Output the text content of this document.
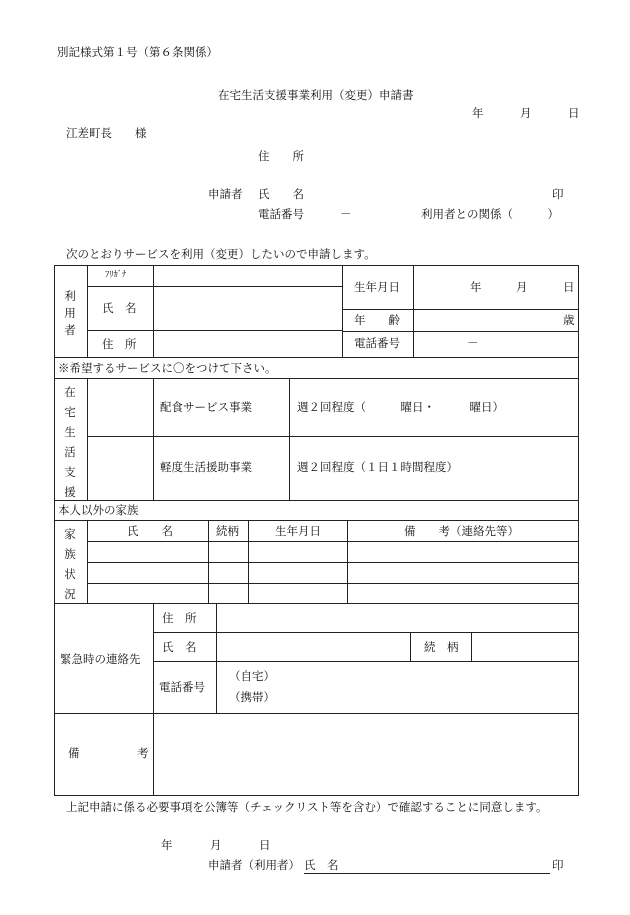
別記様式第１号（第６条関係）
在宅生活支援事業利用（変更）申請書
年	月	日
江差町長　　様
住　　所
申請者 氏　　名	印
電話番号	－	利用者との関係（　　　）
次のとおりサービスを利用（変更）したいので申請します。
利
用
者
ﾌﾘｶﾞﾅ
氏　名
住　所
生年月日	年	月	日
年　　齢	歳
電話番号	－
※希望するサービスに〇をつけて下さい。
在
宅
生
活
支
援
配食サービス事業	週２回程度（　　　曜日・　　　曜日）
軽度生活援助事業	週２回程度（１日１時間程度）
本人以外の家族
家
族
状
況
氏　　名	続柄	生年月日	備　　考（連絡先等）
緊急時の連絡先
住　所
氏　名	続　柄
電話番号
（自宅）
（携帯）
備　　　　　考
上記申請に係る必要事項を公簿等（チェックリスト等を含む）で確認することに同意します。
年	月	日
申請者（利用者） 氏　名	印
